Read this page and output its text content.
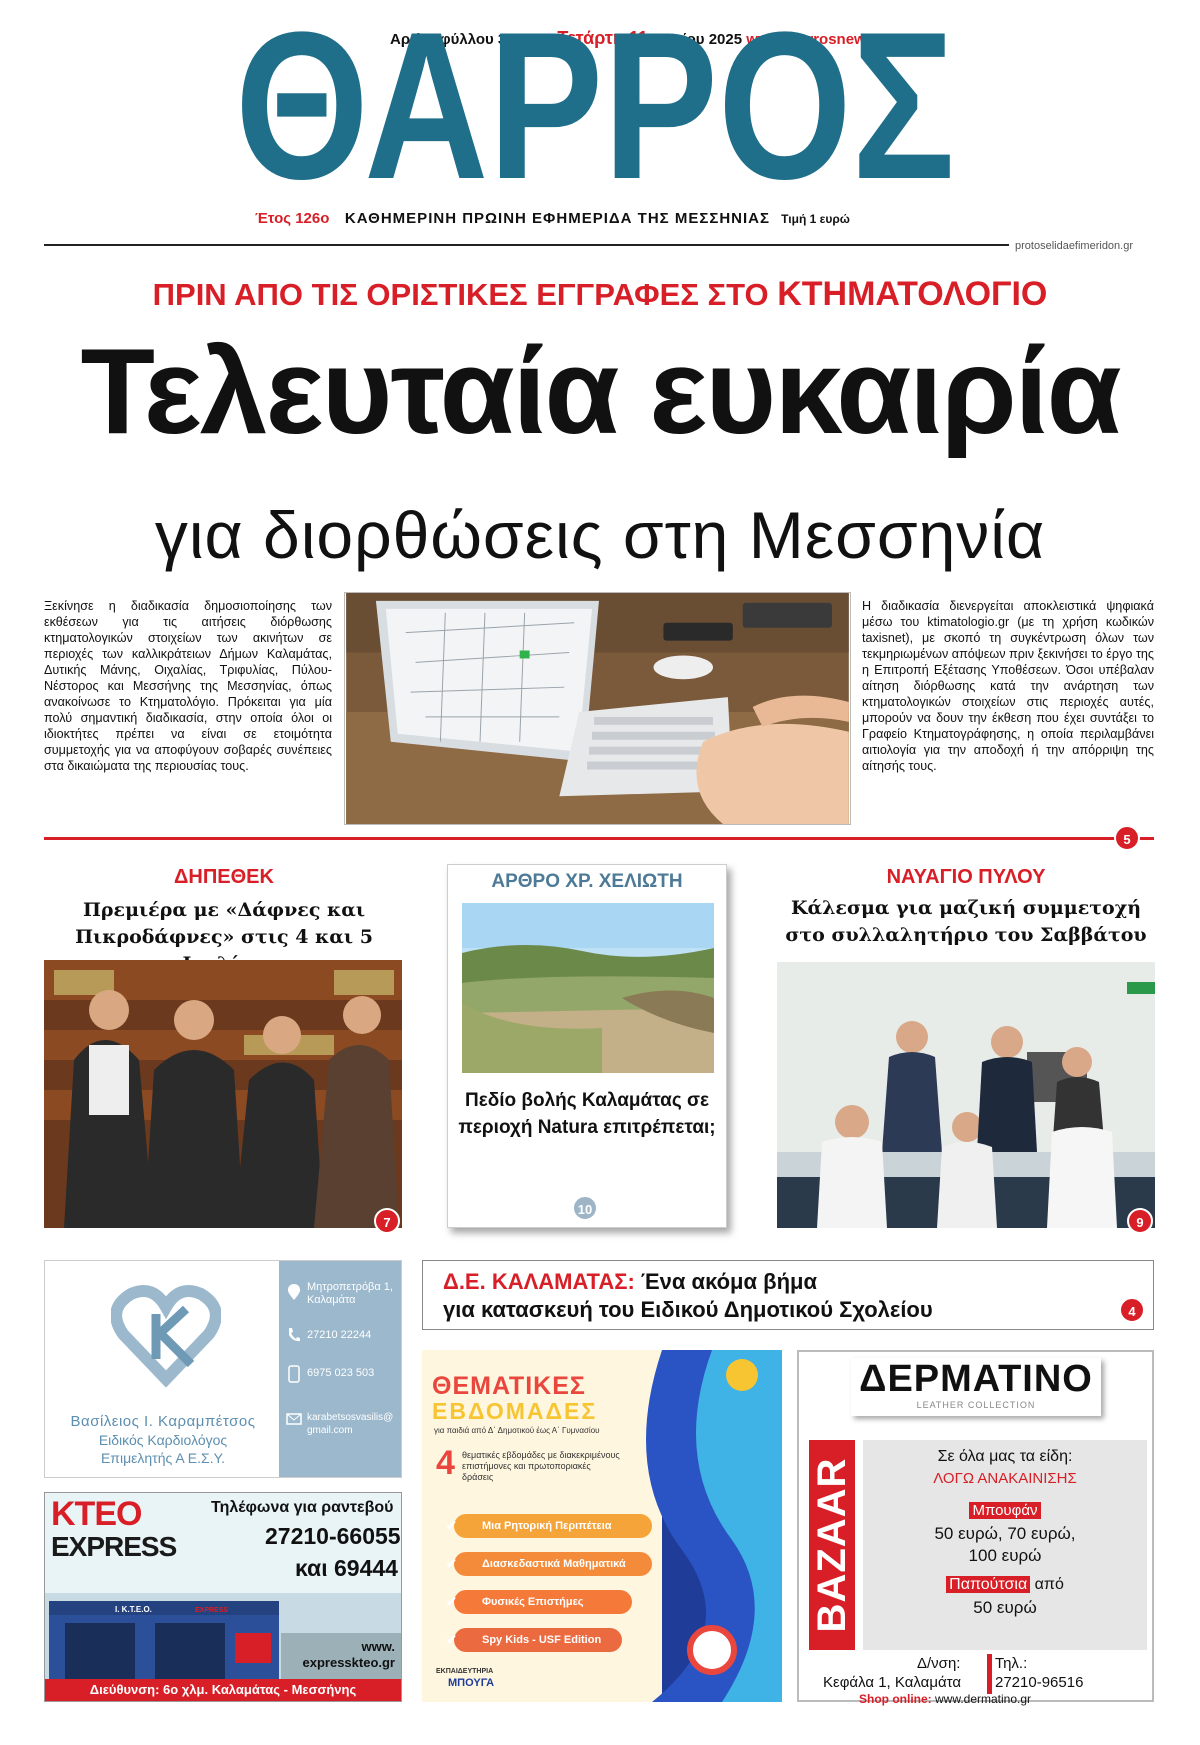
Αριθμ. φύλλου 37.475 • Τετάρτη 11 Ιουνίου 2025 www.tharrosnews.gr
ΘΑΡΡΟΣ
Έτος 126ο ΚΑΘΗΜΕΡΙΝΗ ΠΡΩΙΝΗ ΕΦΗΜΕΡΙΔΑ ΤΗΣ ΜΕΣΣΗΝΙΑΣ Τιμή 1 ευρώ
protoselidaefimeridon.gr
ΠΡΙΝ ΑΠΟ ΤΙΣ ΟΡΙΣΤΙΚΕΣ ΕΓΓΡΑΦΕΣ ΣΤΟ ΚΤΗΜΑΤΟΛΟΓΙΟ
Τελευταία ευκαιρία
για διορθώσεις στη Μεσσηνία
Ξεκίνησε η διαδικασία δημοσιοποίησης των εκθέσεων για τις αιτήσεις διόρθωσης κτηματολογικών στοιχείων των ακινήτων σε περιοχές των καλλικράτειων Δήμων Καλαμάτας, Δυτικής Μάνης, Οιχαλίας, Τριφυλίας, Πύλου-Νέστορος και Μεσσήνης της Μεσσηνίας, όπως ανακοίνωσε το Κτηματολόγιο. Πρόκειται για μία πολύ σημαντική διαδικασία, στην οποία όλοι οι ιδιοκτήτες πρέπει να είναι σε ετοιμότητα συμμετοχής για να αποφύγουν σοβαρές συνέπειες στα δικαιώματα της περιουσίας τους.
Η διαδικασία διενεργείται αποκλειστικά ψηφιακά μέσω του ktimatologio.gr (με τη χρήση κωδικών taxisnet), με σκοπό τη συγκέντρωση όλων των τεκμηριωμένων απόψεων πριν ξεκινήσει το έργο της η Επιτροπή Εξέτασης Υποθέσεων. Όσοι υπέβαλαν αίτηση διόρθωσης κατά την ανάρτηση των κτηματολογικών στοιχείων στις περιοχές αυτές, μπορούν να δουν την έκθεση που έχει συντάξει το Γραφείο Κτηματογράφησης, η οποία περιλαμβάνει αιτιολογία για την αποδοχή ή την απόρριψη της αίτησής τους.
5
ΔΗΠΕΘΕΚ
Πρεμιέρα με «Δάφνες και Πικροδάφνες» στις 4 και 5
7
ΑΡΘΡΟ ΧΡ. ΧΕΛΙΩΤΗ
Πεδίο βολής Καλαμάτας σε περιοχή Natura επιτρέπεται;
10
ΝΑΥΑΓΙΟ ΠΥΛΟΥ
Κάλεσμα για μαζική συμμετοχή στο συλλαλητήριο του Σαββάτου
9
Βασίλειος Ι. Καραμπέτσος
Ειδικός Καρδιολόγος
Επιμελητής Α Ε.Σ.Υ.
Μητροπετρόβα 1, Καλαμάτα
27210 22244
6975 023 503
karabetsosvasilis@gmail.com
ΚΤΕΟ
EXPRESS
Τηλέφωνα για ραντεβού
27210-66055
και 69444
Ι. Κ.Τ.Ε.Ο.	EXPRESS
www.
expresskteo.gr
Διεύθυνση: 6ο χλμ. Καλαμάτας - Μεσσήνης
Δ.Ε. ΚΑΛΑΜΑΤΑΣ: Ένα ακόμα βήμα
για κατασκευή του Ειδικού Δημοτικού Σχολείου	4
ΘΕΜΑΤΙΚΕΣ
ΕΒΔΟΜΑΔΕΣ
για παιδιά από Δ΄ Δημοτικού έως Α΄ Γυμνασίου
4 θεματικές εβδομάδες με διακεκριμένους επιστήμονες και πρωτοποριακές δράσεις
Μια Ρητορική Περιπέτεια
Διασκεδαστικά Μαθηματικά
Φυσικές Επιστήμες
Spy Kids - USF Edition
✔
✔
✔
✔
ΕΚΠΑΙΔΕΥΤΗΡΙΑ
ΜΠΟΥΓΑ
ΔΕΡΜΑΤΙΝΟ
LEATHER COLLECTION
BAZAAR
Σε όλα μας τα είδη:
ΛΟΓΩ ΑΝΑΚΑΙΝΙΣΗΣ
Μπουφάν
50 ευρώ, 70 ευρώ,
100 ευρώ
Παπούτσια από
50 ευρώ
Δ/νση: Τηλ.:
Κεφάλα 1, Καλαμάτα 27210-96516
Shop online: www.dermatino.gr
